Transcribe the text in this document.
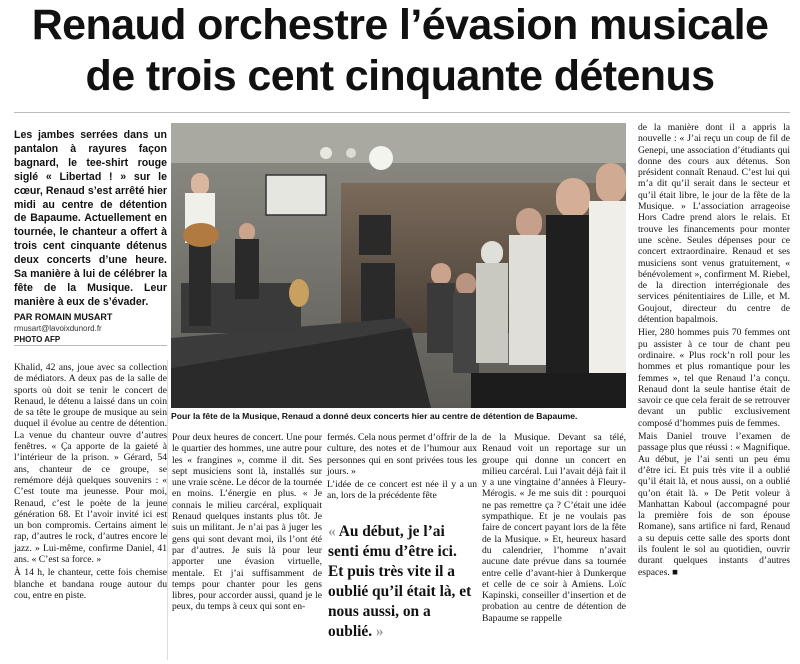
Renaud orchestre l’évasion musicale
de trois cent cinquante détenus
Les jambes serrées dans un pantalon à rayures façon bagnard, le tee-shirt rouge siglé « Libertad ! » sur le cœur, Renaud s’est arrêté hier midi au centre de détention de Bapaume. Actuellement en tournée, le chanteur a offert à trois cent cinquante détenus deux concerts d’une heure. Sa manière à lui de célébrer la fête de la Musique. Leur manière à eux de s’évader.
PAR ROMAIN MUSART
rmusart@lavoixdunord.fr
PHOTO AFP
Pour la fête de la Musique, Renaud a donné deux concerts hier au centre de détention de Bapaume.

Khalid, 42 ans, joue avec sa collection de médiators. A deux pas de la salle de sports où doit se tenir le concert de Renaud, le détenu a laissé dans un coin de sa tête le groupe de musique au sein duquel il évolue au centre de détention. La venue du chanteur ouvre d’autres fenêtres. « Ça apporte de la gaieté à l’intérieur de la prison. » Gérard, 54 ans, chanteur de ce groupe, se remémore déjà quelques souvenirs : « C’est toute ma jeunesse. Pour moi, Renaud, c’est le poète de la jeune génération 68. Et l’avoir invité ici est un bon compromis. Certains aiment le rap, d’autres le rock, d’autres encore le jazz. » Lui-même, confirme Daniel, 41 ans. « C’est sa force. »

À 14 h, le chanteur, cette fois chemise blanche et bandana rouge autour du cou, entre en piste.

Pour deux heures de concert. Une pour le quartier des hommes, une autre pour les « frangines », comme il dit. Ses sept musiciens sont là, installés sur une vraie scène. Le décor de la tournée en moins. L’énergie en plus. « Je connais le milieu carcéral, expliquait Renaud quelques instants plus tôt. Je suis un militant. Je n’ai pas à juger les gens qui sont devant moi, ils l’ont été par d’autres. Je suis là pour leur apporter une évasion virtuelle, mentale. Et j’ai suffisamment de temps pour chanter pour les gens libres, pour accorder aussi, quand je le peux, du temps à ceux qui sont en-

fermés. Cela nous permet d’offrir de la culture, des notes et de l’humour aux personnes qui en sont privées tous les jours. »

L’idée de ce concert est née il y a un an, lors de la précédente fête

« Au début, je l’ai senti ému d’être ici. Et puis très vite il a oublié qu’il était là, et nous aussi, on a oublié. »

de la Musique. Devant sa télé, Renaud voit un reportage sur un groupe qui donne un concert en milieu carcéral. Lui l’avait déjà fait il y a une vingtaine d’années à Fleury-Mérogis. « Je me suis dit : pourquoi ne pas remettre ça ? C’était une idée sympathique. Et je ne voulais pas faire de concert payant lors de la fête de la Musique. » Et, heureux hasard du calendrier, l’homme n’avait aucune date prévue dans sa tournée entre celle d’avant-hier à Dunkerque et celle de ce soir à Amiens. Loïc Kapinski, conseiller d’insertion et de probation au centre de détention de Bapaume se rappelle

de la manière dont il a appris la nouvelle : « J’ai reçu un coup de fil de Genepi, une association d’étudiants qui donne des cours aux détenus. Son président connaît Renaud. C’est lui qui m’a dit qu’il serait dans le secteur et qu’il était libre, le jour de la fête de la Musique. » L’association arrageoise Hors Cadre prend alors le relais. Et trouve les financements pour monter une scène. Seules dépenses pour ce concert extraordinaire. Renaud et ses musiciens sont venus gratuitement, « bénévolement », confirment M. Riebel, de la direction interrégionale des services pénitentiaires de Lille, et M. Goujout, directeur du centre de détention bapalmois.

Hier, 280 hommes puis 70 femmes ont pu assister à ce tour de chant peu ordinaire. « Plus rock’n roll pour les hommes et plus romantique pour les femmes », tel que Renaud l’a conçu. Renaud dont la seule hantise était de savoir ce que cela ferait de se retrouver devant un public exclusivement composé d’hommes puis de femmes.

Mais Daniel trouve l’examen de passage plus que réussi : « Magnifique. Au début, je l’ai senti un peu ému d’être ici. Et puis très vite il a oublié qu’il était là, et nous aussi, on a oublié qu’on était là. » De Petit voleur à Manhattan Kaboul (accompagné pour la première fois de son épouse Romane), sans artifice ni fard, Renaud a su depuis cette salle des sports dont ils foulent le sol au quotidien, ouvrir durant quelques instants d’autres espaces. ■
